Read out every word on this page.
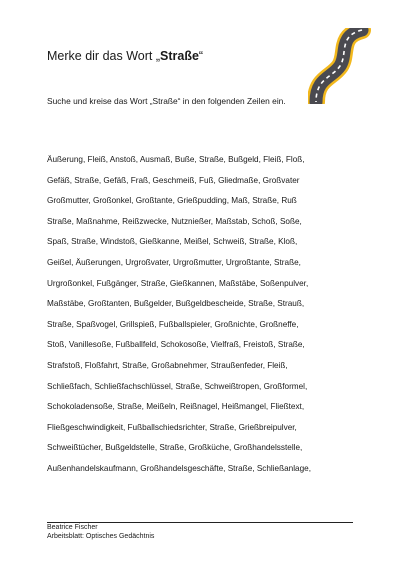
Merke dir das Wort „Straße“
Suche und kreise das Wort „Straße“ in den folgenden Zeilen ein.
Äußerung, Fleiß, Anstoß, Ausmaß, Buße, Straße, Bußgeld, Fleiß, Floß,
Gefäß, Straße, Gefäß, Fraß, Geschmeiß, Fuß, Gliedmaße, Großvater
Großmutter, Großonkel, Großtante, Grießpudding, Maß, Straße, Ruß
Straße, Maßnahme, Reißzwecke, Nutznießer, Maßstab, Schoß, Soße,
Spaß, Straße, Windstoß, Gießkanne, Meißel, Schweiß, Straße, Kloß,
Geißel, Äußerungen, Urgroßvater, Urgroßmutter, Urgroßtante, Straße,
Urgroßonkel, Fußgänger, Straße, Gießkannen, Maßstäbe, Soßenpulver,
Maßstäbe, Großtanten, Bußgelder, Bußgeldbescheide, Straße, Strauß,
Straße, Spaßvogel, Grillspieß, Fußballspieler, Großnichte, Großneffe,
Stoß, Vanillesoße, Fußballfeld, Schokosoße, Vielfraß, Freistoß, Straße,
Strafstoß, Floßfahrt, Straße, Großabnehmer, Straußenfeder, Fleiß,
Schließfach, Schließfachschlüssel, Straße, Schweißtropen, Großformel,
Schokoladensoße, Straße, Meißeln, Reißnagel, Heißmangel, Fließtext,
Fließgeschwindigkeit, Fußballschiedsrichter, Straße, Grießbreipulver,
Schweißtücher, Bußgeldstelle, Straße, Großküche, Großhandelsstelle,
Außenhandelskaufmann, Großhandelsgeschäfte, Straße, Schließanlage,
Beatrice Fischer
Arbeitsblatt: Optisches Gedächtnis
